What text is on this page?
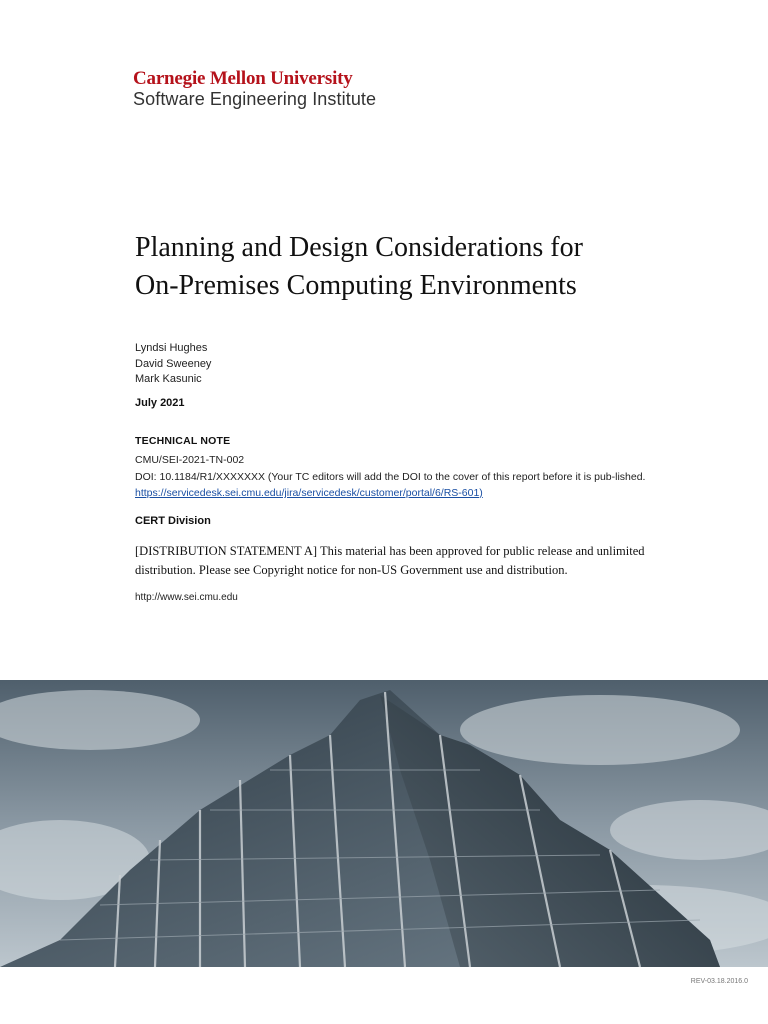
Carnegie Mellon University
Software Engineering Institute
Planning and Design Considerations for
On-Premises Computing Environments
Lyndsi Hughes
David Sweeney
Mark Kasunic
July 2021
TECHNICAL NOTE
CMU/SEI-2021-TN-002
DOI: 10.1184/R1/XXXXXXX (Your TC editors will add the DOI to the cover of this report before it is pub-lished. https://servicedesk.sei.cmu.edu/jira/servicedesk/customer/portal/6/RS-601)
CERT Division
[DISTRIBUTION STATEMENT A] This material has been approved for public release and unlimited distribution. Please see Copyright notice for non-US Government use and distribution.
http://www.sei.cmu.edu
REV-03.18.2016.0
